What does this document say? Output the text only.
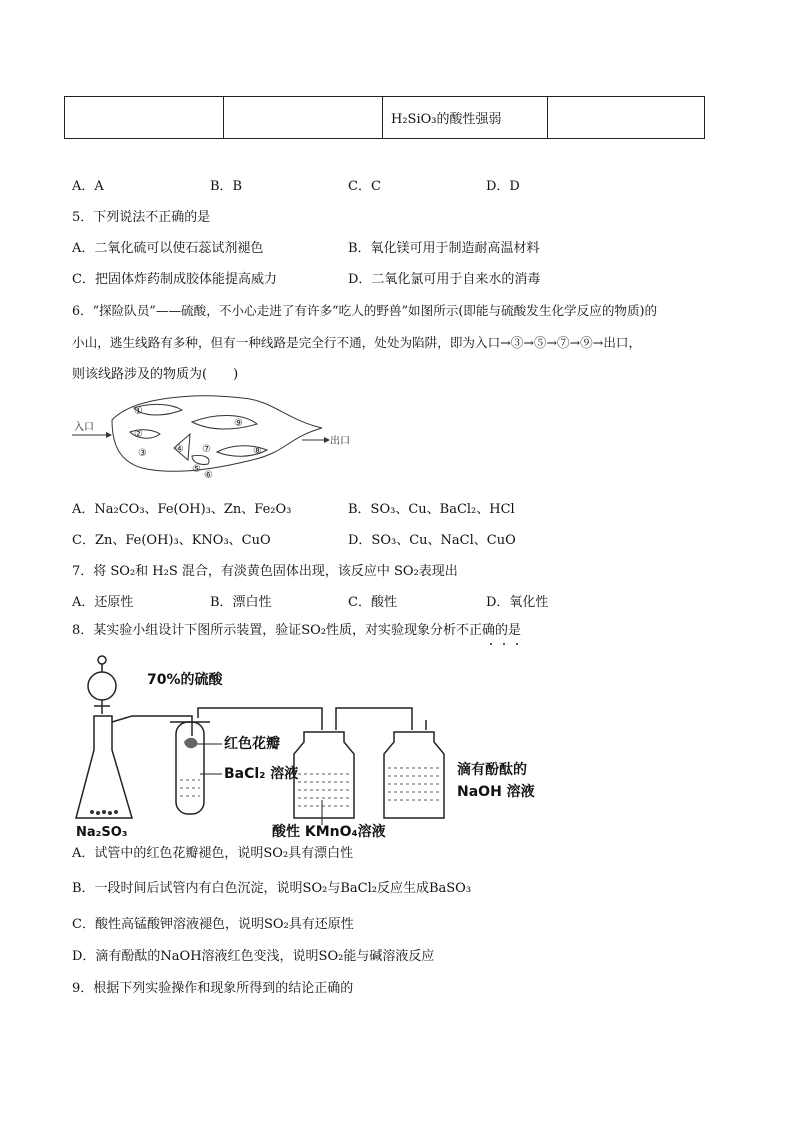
		H₂SiO₃的酸性强弱	
A．A	B．B	C．C	D．D
5．下列说法不正确的是
A．二氧化硫可以使石蕊试剂褪色	B．氧化镁可用于制造耐高温材料
C．把固体炸药制成胶体能提高威力	D．二氧化氯可用于自来水的消毒
6．“探险队员”——硫酸，不小心走进了有许多“吃人的野兽”如图所示(即能与硫酸发生化学反应的物质)的
小山，逃生线路有多种，但有一种线路是完全行不通，处处为陷阱，即为入口→③→⑤→⑦→⑨→出口，
则该线路涉及的物质为(　　)
入口
出口
①
②
③	④
⑤
⑥
⑦	⑧
⑨
A．Na₂CO₃、Fe(OH)₃、Zn、Fe₂O₃	B．SO₃、Cu、BaCl₂、HCl
C．Zn、Fe(OH)₃、KNO₃、CuO	D．SO₃、Cu、NaCl、CuO
7．将 SO₂和 H₂S 混合，有淡黄色固体出现，该反应中 SO₂表现出
A．还原性	B．漂白性	C．酸性	D．氧化性
8．某实验小组设计下图所示装置，验证SO₂性质，对实验现象分析不正确的是
70%的硫酸
红色花瓣
BaCl₂ 溶液	滴有酚酞的
NaOH 溶液
Na₂SO₃	酸性 KMnO₄溶液
A．试管中的红色花瓣褪色，说明SO₂具有漂白性
B．一段时间后试管内有白色沉淀，说明SO₂与BaCl₂反应生成BaSO₃
C．酸性高锰酸钾溶液褪色，说明SO₂具有还原性
D．滴有酚酞的NaOH溶液红色变浅，说明SO₂能与碱溶液反应
9．根据下列实验操作和现象所得到的结论正确的
